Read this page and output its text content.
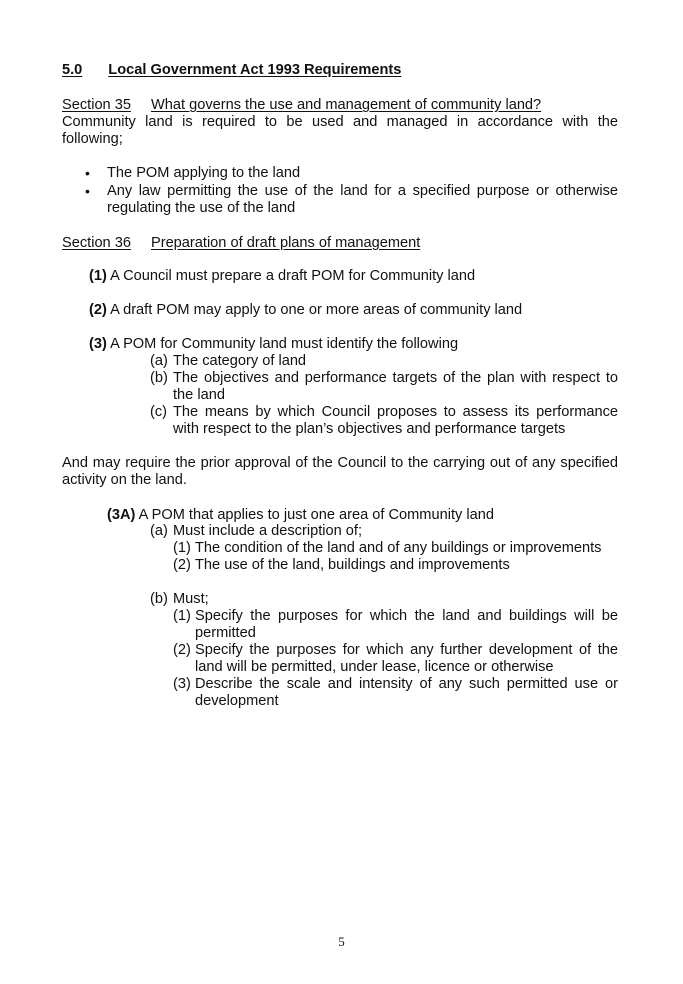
5.0 Local Government Act 1993 Requirements
Section 35 What governs the use and management of community land?
Community land is required to be used and managed in accordance with the following;
• The POM applying to the land
• Any law permitting the use of the land for a specified purpose or otherwise regulating the use of the land
Section 36 Preparation of draft plans of management
(1) A Council must prepare a draft POM for Community land
(2) A draft POM may apply to one or more areas of community land
(3) A POM for Community land must identify the following
(a) The category of land
(b) The objectives and performance targets of the plan with respect to the land
(c) The means by which Council proposes to assess its performance with respect to the plan’s objectives and performance targets
And may require the prior approval of the Council to the carrying out of any specified activity on the land.
(3A) A POM that applies to just one area of Community land
(a) Must include a description of;
(1) The condition of the land and of any buildings or improvements
(2) The use of the land, buildings and improvements
(b) Must;
(1) Specify the purposes for which the land and buildings will be permitted
(2) Specify the purposes for which any further development of the land will be permitted, under lease, licence or otherwise
(3) Describe the scale and intensity of any such permitted use or development
5
